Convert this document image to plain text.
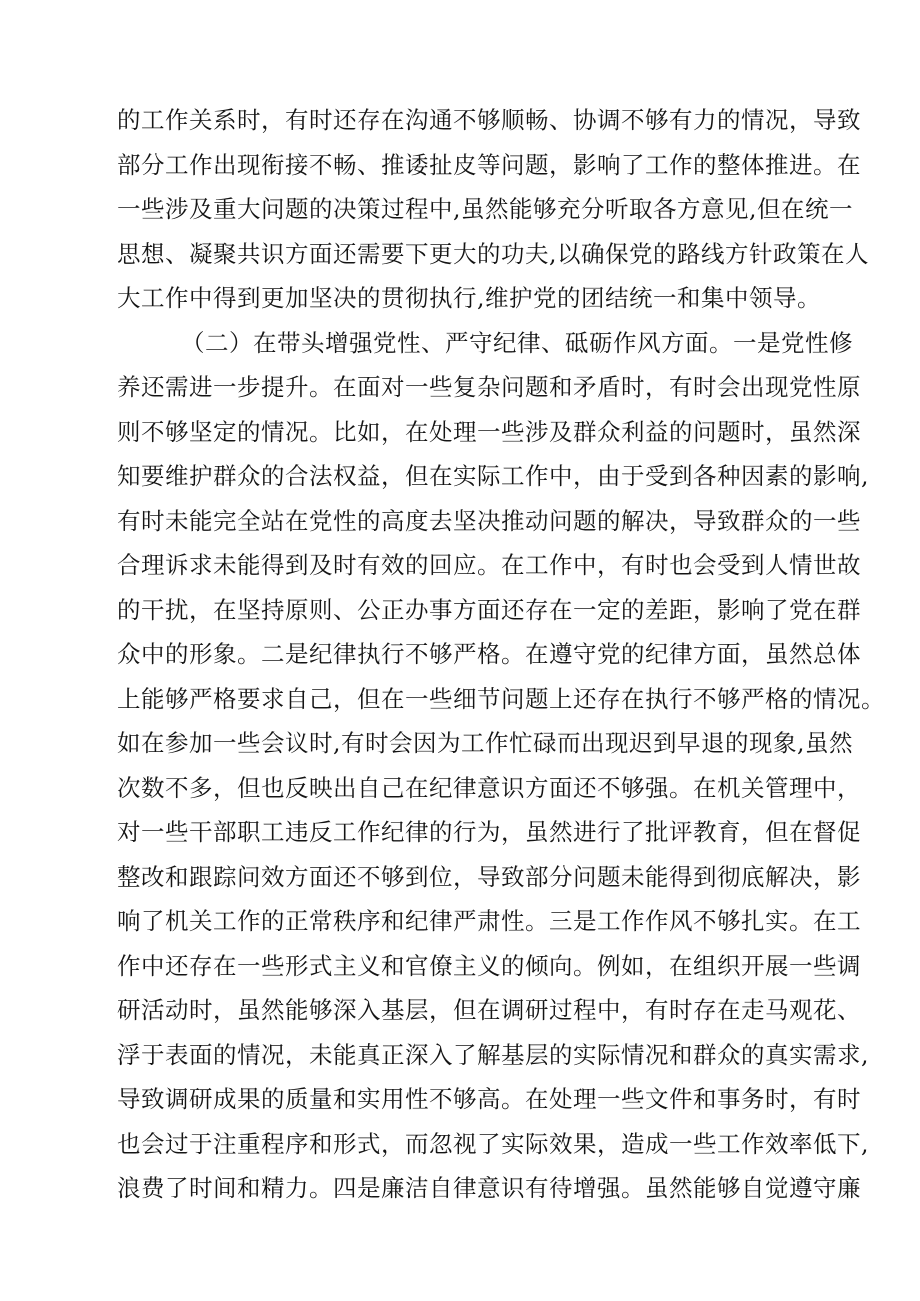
的工作关系时，有时还存在沟通不够顺畅、协调不够有力的情况，导致
部分工作出现衔接不畅、推诿扯皮等问题，影响了工作的整体推进。在
一些涉及重大问题的决策过程中,虽然能够充分听取各方意见,但在统一
思想、凝聚共识方面还需要下更大的功夫,以确保党的路线方针政策在人
大工作中得到更加坚决的贯彻执行,维护党的团结统一和集中领导。
（二）在带头增强党性、严守纪律、砥砺作风方面。一是党性修
养还需进一步提升。在面对一些复杂问题和矛盾时，有时会出现党性原
则不够坚定的情况。比如，在处理一些涉及群众利益的问题时，虽然深
知要维护群众的合法权益，但在实际工作中，由于受到各种因素的影响,
有时未能完全站在党性的高度去坚决推动问题的解决，导致群众的一些
合理诉求未能得到及时有效的回应。在工作中，有时也会受到人情世故
的干扰，在坚持原则、公正办事方面还存在一定的差距，影响了党在群
众中的形象。二是纪律执行不够严格。在遵守党的纪律方面，虽然总体
上能够严格要求自己，但在一些细节问题上还存在执行不够严格的情况。
如在参加一些会议时,有时会因为工作忙碌而出现迟到早退的现象,虽然
次数不多，但也反映出自己在纪律意识方面还不够强。在机关管理中，
对一些干部职工违反工作纪律的行为，虽然进行了批评教育，但在督促
整改和跟踪问效方面还不够到位，导致部分问题未能得到彻底解决，影
响了机关工作的正常秩序和纪律严肃性。三是工作作风不够扎实。在工
作中还存在一些形式主义和官僚主义的倾向。例如，在组织开展一些调
研活动时，虽然能够深入基层，但在调研过程中，有时存在走马观花、
浮于表面的情况，未能真正深入了解基层的实际情况和群众的真实需求,
导致调研成果的质量和实用性不够高。在处理一些文件和事务时，有时
也会过于注重程序和形式，而忽视了实际效果，造成一些工作效率低下,
浪费了时间和精力。四是廉洁自律意识有待增强。虽然能够自觉遵守廉
